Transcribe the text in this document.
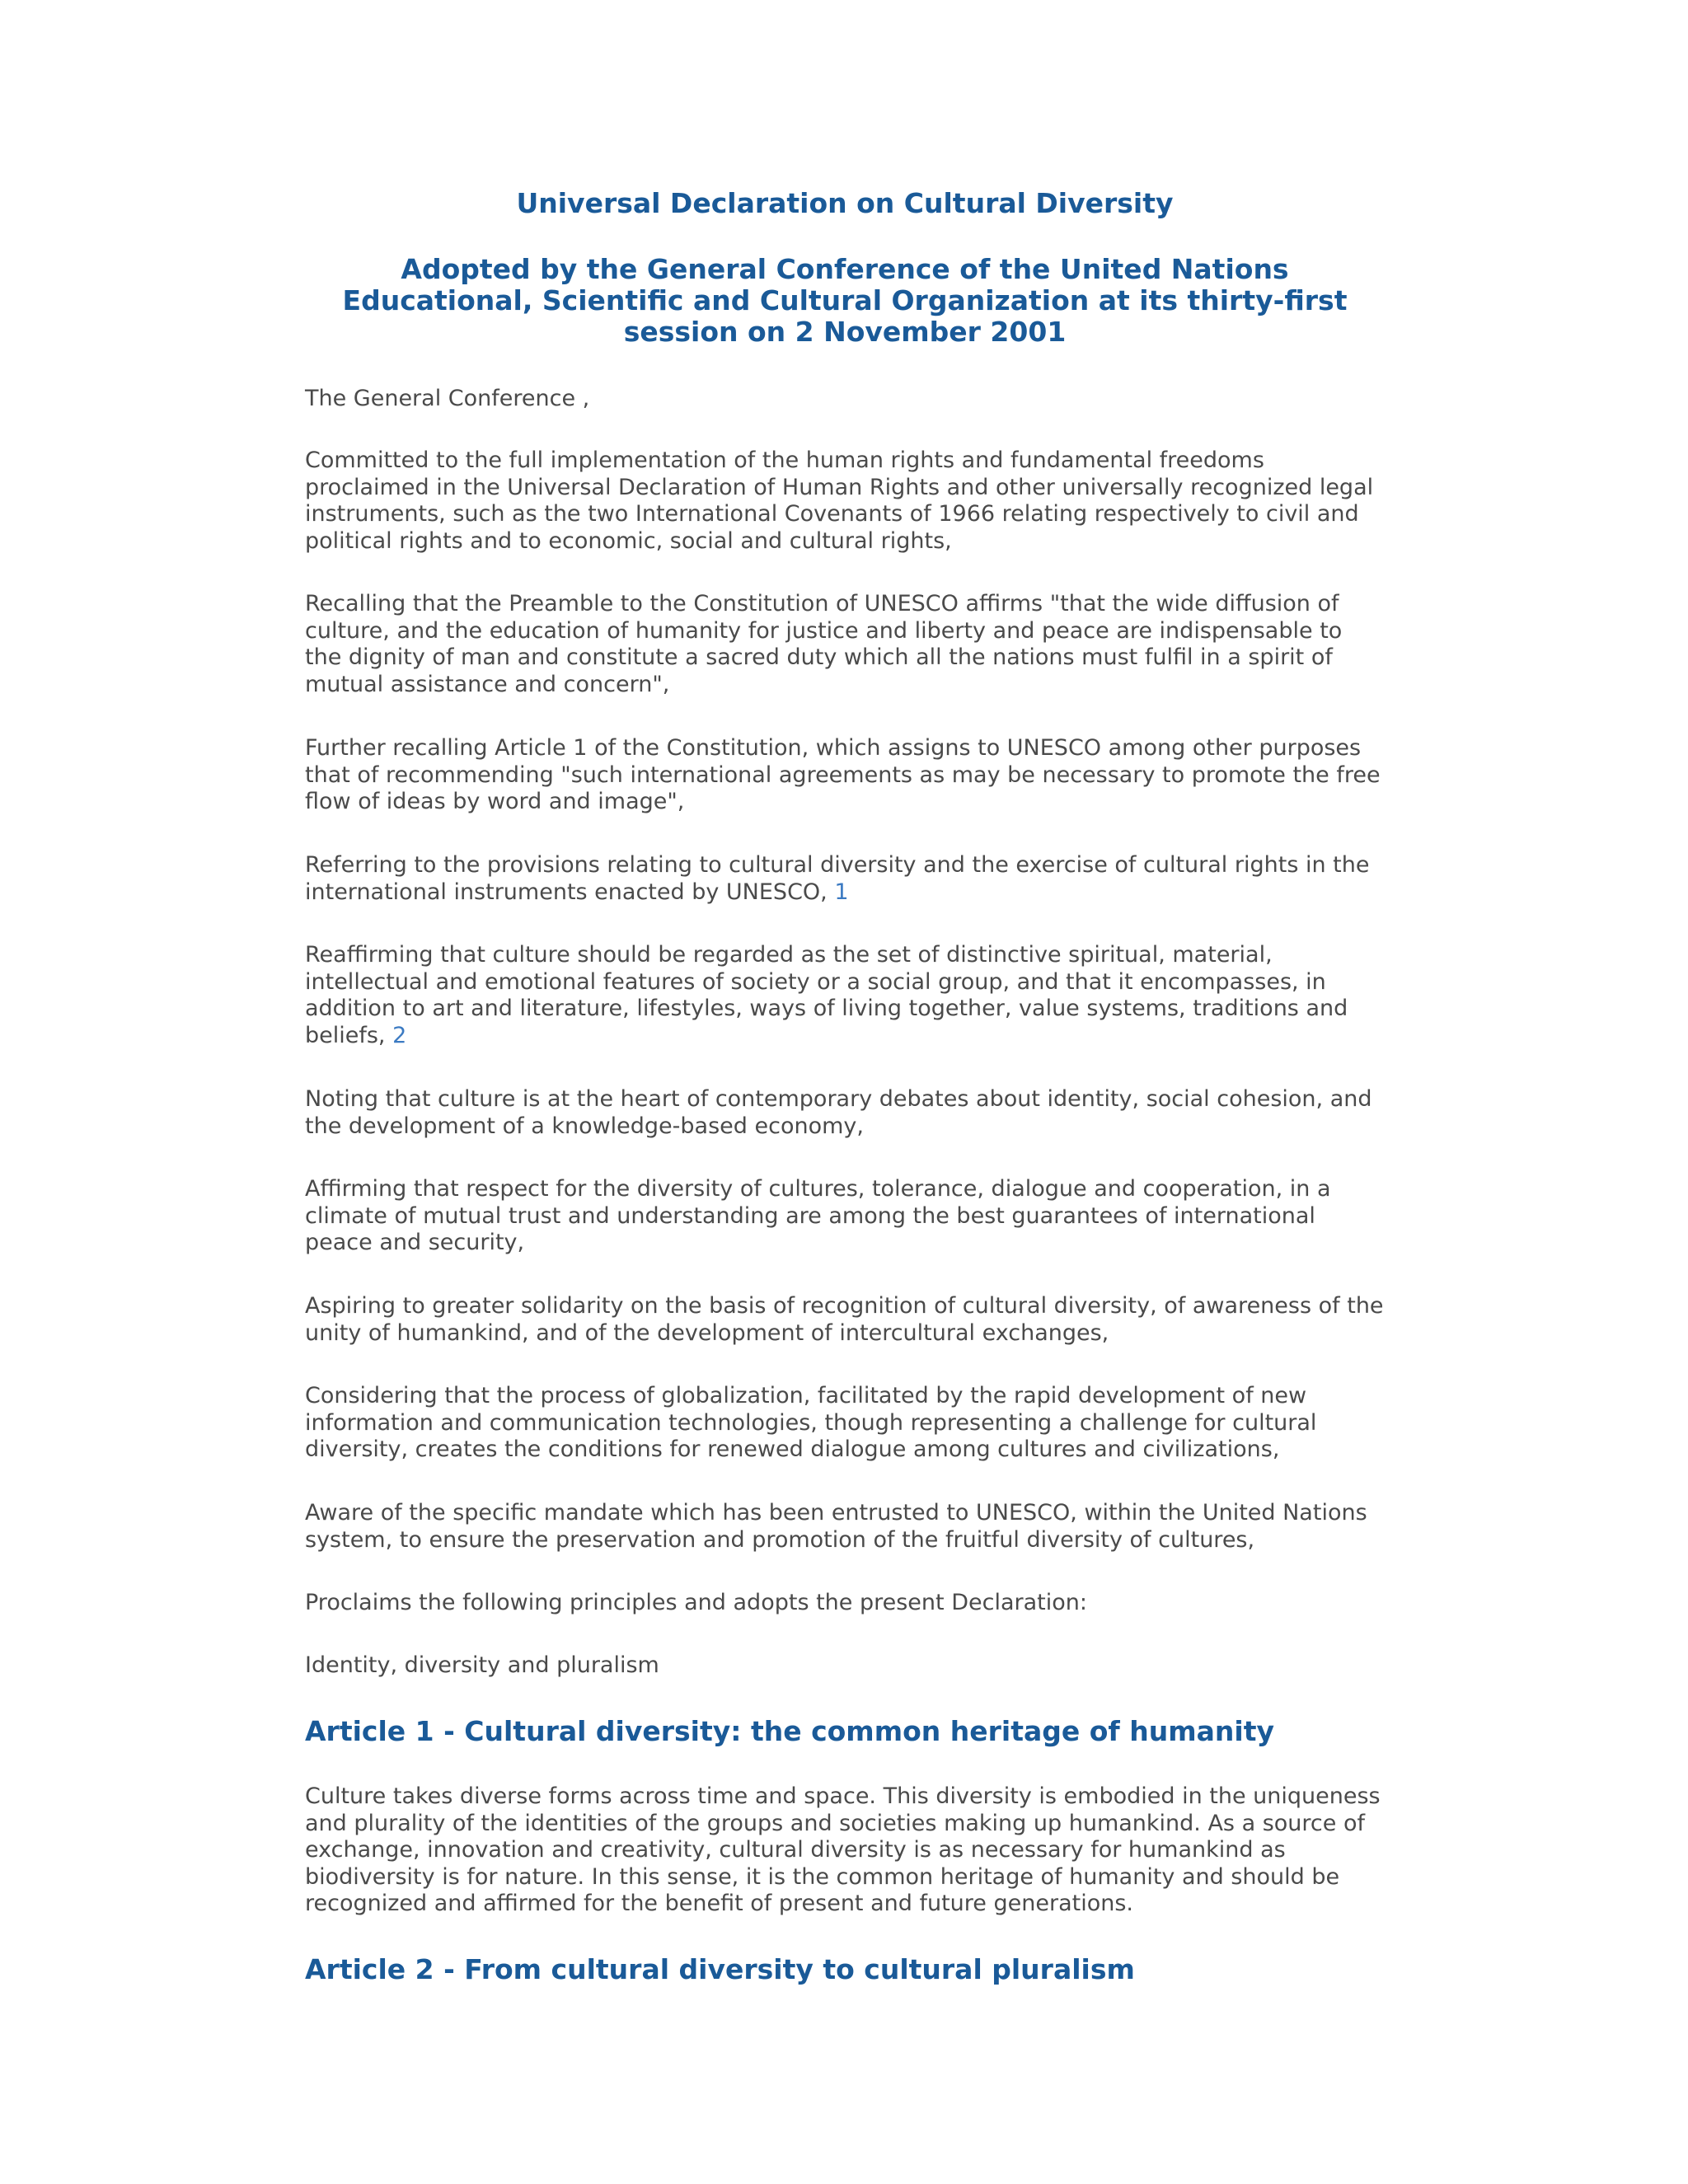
Universal Declaration on Cultural Diversity
Adopted by the General Conference of the United Nations Educational, Scientific and Cultural Organization at its thirty-first session on 2 November 2001

The General Conference ,

Committed to the full implementation of the human rights and fundamental freedoms proclaimed in the Universal Declaration of Human Rights and other universally recognized legal instruments, such as the two International Covenants of 1966 relating respectively to civil and political rights and to economic, social and cultural rights,

Recalling that the Preamble to the Constitution of UNESCO affirms "that the wide diffusion of culture, and the education of humanity for justice and liberty and peace are indispensable to the dignity of man and constitute a sacred duty which all the nations must fulfil in a spirit of mutual assistance and concern",

Further recalling Article 1 of the Constitution, which assigns to UNESCO among other purposes that of recommending "such international agreements as may be necessary to promote the free flow of ideas by word and image",

Referring to the provisions relating to cultural diversity and the exercise of cultural rights in the international instruments enacted by UNESCO, 1

Reaffirming that culture should be regarded as the set of distinctive spiritual, material, intellectual and emotional features of society or a social group, and that it encompasses, in addition to art and literature, lifestyles, ways of living together, value systems, traditions and beliefs, 2

Noting that culture is at the heart of contemporary debates about identity, social cohesion, and the development of a knowledge-based economy,

Affirming that respect for the diversity of cultures, tolerance, dialogue and cooperation, in a climate of mutual trust and understanding are among the best guarantees of international peace and security,

Aspiring to greater solidarity on the basis of recognition of cultural diversity, of awareness of the unity of humankind, and of the development of intercultural exchanges,

Considering that the process of globalization, facilitated by the rapid development of new information and communication technologies, though representing a challenge for cultural diversity, creates the conditions for renewed dialogue among cultures and civilizations,

Aware of the specific mandate which has been entrusted to UNESCO, within the United Nations system, to ensure the preservation and promotion of the fruitful diversity of cultures,

Proclaims the following principles and adopts the present Declaration:

Identity, diversity and pluralism

Article 1 - Cultural diversity: the common heritage of humanity

Culture takes diverse forms across time and space. This diversity is embodied in the uniqueness and plurality of the identities of the groups and societies making up humankind. As a source of exchange, innovation and creativity, cultural diversity is as necessary for humankind as biodiversity is for nature. In this sense, it is the common heritage of humanity and should be recognized and affirmed for the benefit of present and future generations.

Article 2 - From cultural diversity to cultural pluralism
